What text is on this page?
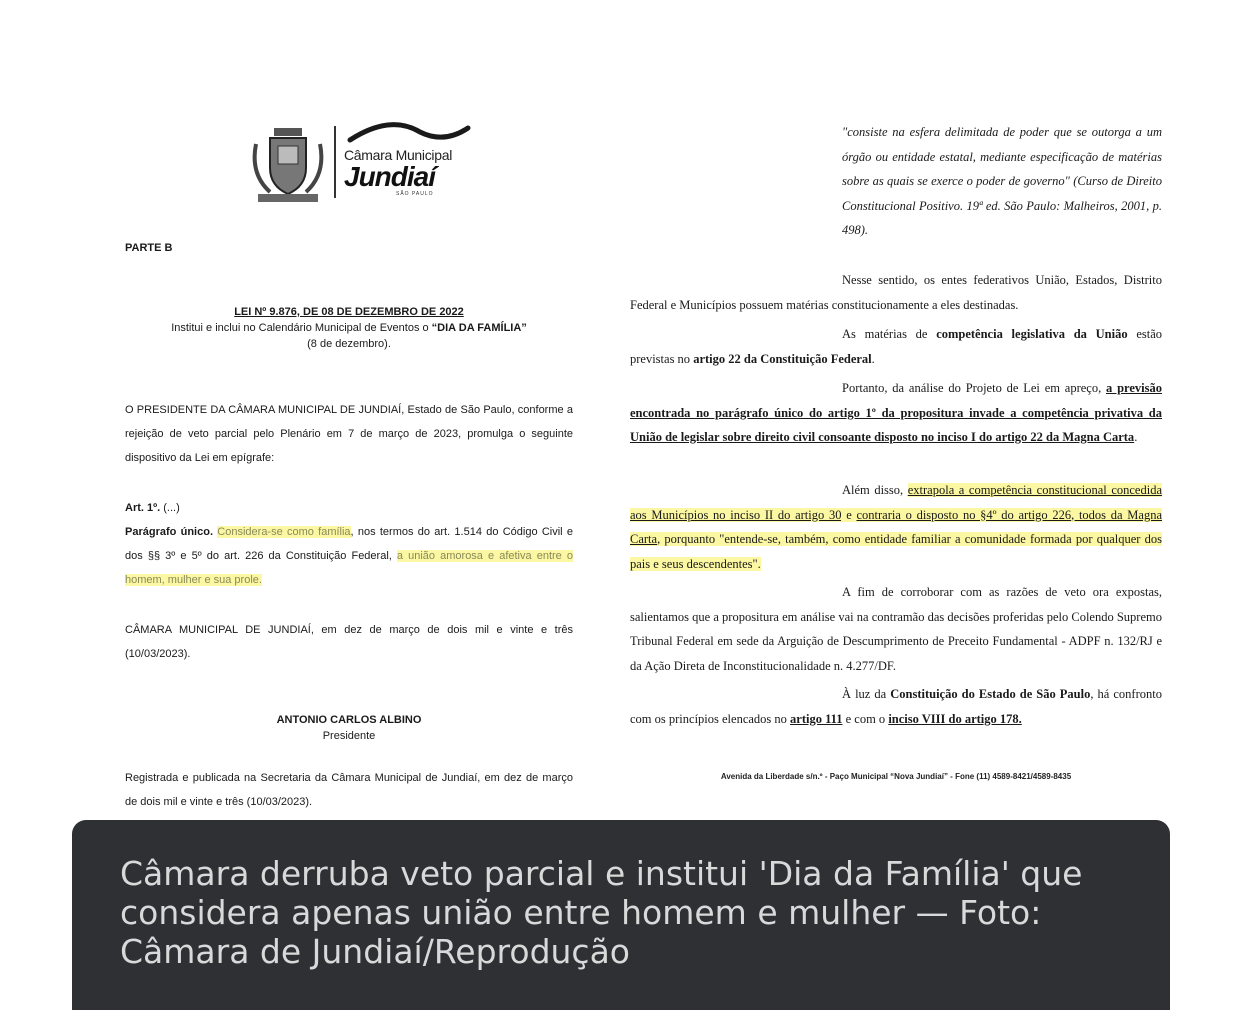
Câmara Municipal
Jundiaí
SÃO PAULO
PARTE B
LEI Nº 9.876, DE 08 DE DEZEMBRO DE 2022
Institui e inclui no Calendário Municipal de Eventos o “DIA DA FAMÍLIA”
(8 de dezembro).
O PRESIDENTE DA CÂMARA MUNICIPAL DE JUNDIAÍ, Estado de São Paulo, conforme a rejeição de veto parcial pelo Plenário em 7 de março de 2023, promulga o seguinte dispositivo da Lei em epígrafe:
Art. 1º. (...)
Parágrafo único. Considera-se como família, nos termos do art. 1.514 do Código Civil e dos §§ 3º e 5º do art. 226 da Constituição Federal, a união amorosa e afetiva entre o homem, mulher e sua prole.
CÂMARA MUNICIPAL DE JUNDIAÍ, em dez de março de dois mil e vinte e três (10/03/2023).
ANTONIO CARLOS ALBINO
Presidente
Registrada e publicada na Secretaria da Câmara Municipal de Jundiaí, em dez de março de dois mil e vinte e três (10/03/2023).
"consiste na esfera delimitada de poder que se outorga a um órgão ou entidade estatal, mediante especificação de matérias sobre as quais se exerce o poder de governo" (Curso de Direito Constitucional Positivo. 19ª ed. São Paulo: Malheiros, 2001, p. 498).
Nesse sentido, os entes federativos União, Estados, Distrito Federal e Municípios possuem matérias constitucionamente a eles destinadas.
As matérias de competência legislativa da União estão previstas no artigo 22 da Constituição Federal.
Portanto, da análise do Projeto de Lei em apreço, a previsão encontrada no parágrafo único do artigo 1º da propositura invade a competência privativa da União de legislar sobre direito civil consoante disposto no inciso I do artigo 22 da Magna Carta.
Além disso, extrapola a competência constitucional concedida aos Municípios no inciso II do artigo 30 e contraria o disposto no §4º do artigo 226, todos da Magna Carta, porquanto "entende-se, também, como entidade familiar a comunidade formada por qualquer dos pais e seus descendentes".
A fim de corroborar com as razões de veto ora expostas, salientamos que a propositura em análise vai na contramão das decisões proferidas pelo Colendo Supremo Tribunal Federal em sede da Arguição de Descumprimento de Preceito Fundamental - ADPF n. 132/RJ e da Ação Direta de Inconstitucionalidade n. 4.277/DF.
À luz da Constituição do Estado de São Paulo, há confronto com os princípios elencados no artigo 111 e com o inciso VIII do artigo 178.
Avenida da Liberdade s/n.º - Paço Municipal “Nova Jundiaí” - Fone (11) 4589-8421/4589-8435
Câmara derruba veto parcial e institui 'Dia da Família' que considera apenas união entre homem e mulher — Foto: Câmara de Jundiaí/Reprodução
